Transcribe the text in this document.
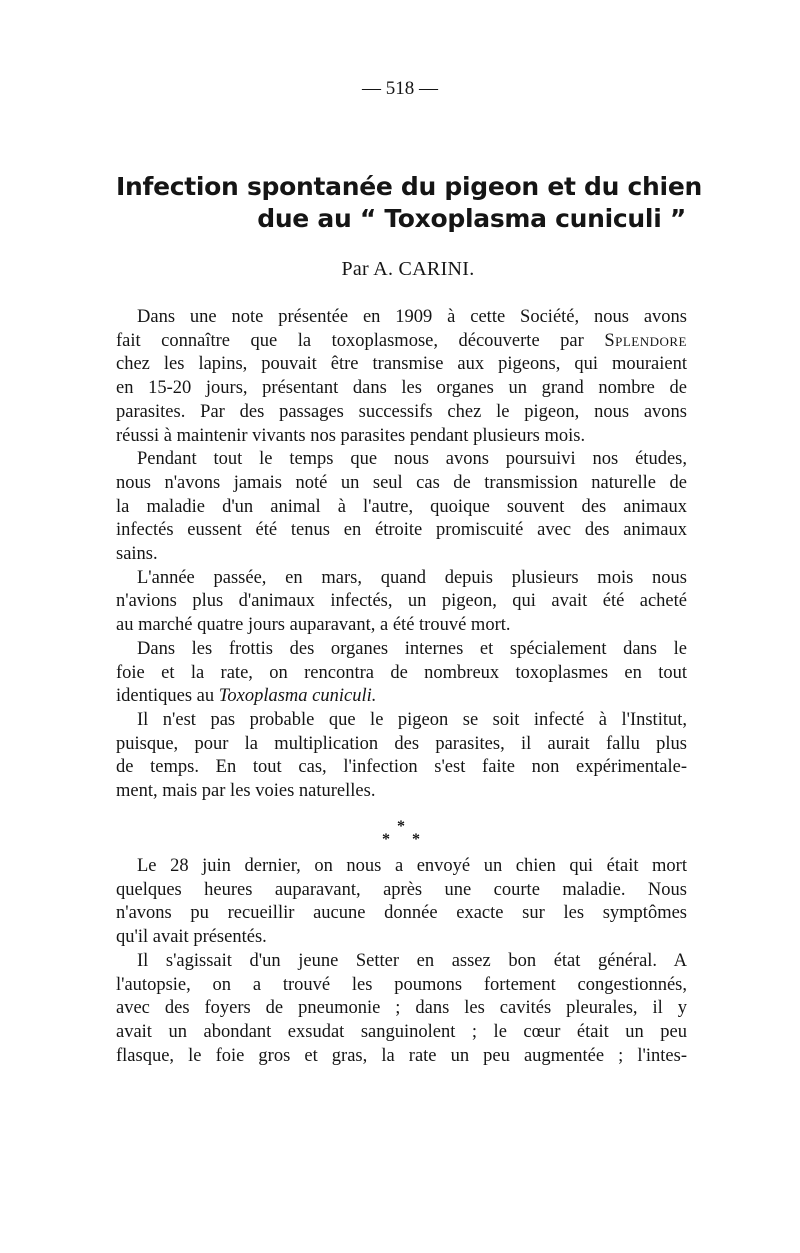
— 518 —
Infection spontanée du pigeon et du chien
due au “ Toxoplasma cuniculi ”
Par A. CARINI.
Dans une note présentée en 1909 à cette Société, nous avons
fait connaître que la toxoplasmose, découverte par Splendore
chez les lapins, pouvait être transmise aux pigeons, qui mouraient
en 15-20 jours, présentant dans les organes un grand nombre de
parasites. Par des passages successifs chez le pigeon, nous avons
réussi à maintenir vivants nos parasites pendant plusieurs mois.
Pendant tout le temps que nous avons poursuivi nos études,
nous n'avons jamais noté un seul cas de transmission naturelle de
la maladie d'un animal à l'autre, quoique souvent des animaux
infectés eussent été tenus en étroite promiscuité avec des animaux
sains.
L'année passée, en mars, quand depuis plusieurs mois nous
n'avions plus d'animaux infectés, un pigeon, qui avait été acheté
au marché quatre jours auparavant, a été trouvé mort.
Dans les frottis des organes internes et spécialement dans le
foie et la rate, on rencontra de nombreux toxoplasmes en tout
identiques au Toxoplasma cuniculi.
Il n'est pas probable que le pigeon se soit infecté à l'Institut,
puisque, pour la multiplication des parasites, il aurait fallu plus
de temps. En tout cas, l'infection s'est faite non expérimentale-
ment, mais par les voies naturelles.
*
* *
Le 28 juin dernier, on nous a envoyé un chien qui était mort
quelques heures auparavant, après une courte maladie. Nous
n'avons pu recueillir aucune donnée exacte sur les symptômes
qu'il avait présentés.
Il s'agissait d'un jeune Setter en assez bon état général. A
l'autopsie, on a trouvé les poumons fortement congestionnés,
avec des foyers de pneumonie ; dans les cavités pleurales, il y
avait un abondant exsudat sanguinolent ; le cœur était un peu
flasque, le foie gros et gras, la rate un peu augmentée ; l'intes-
